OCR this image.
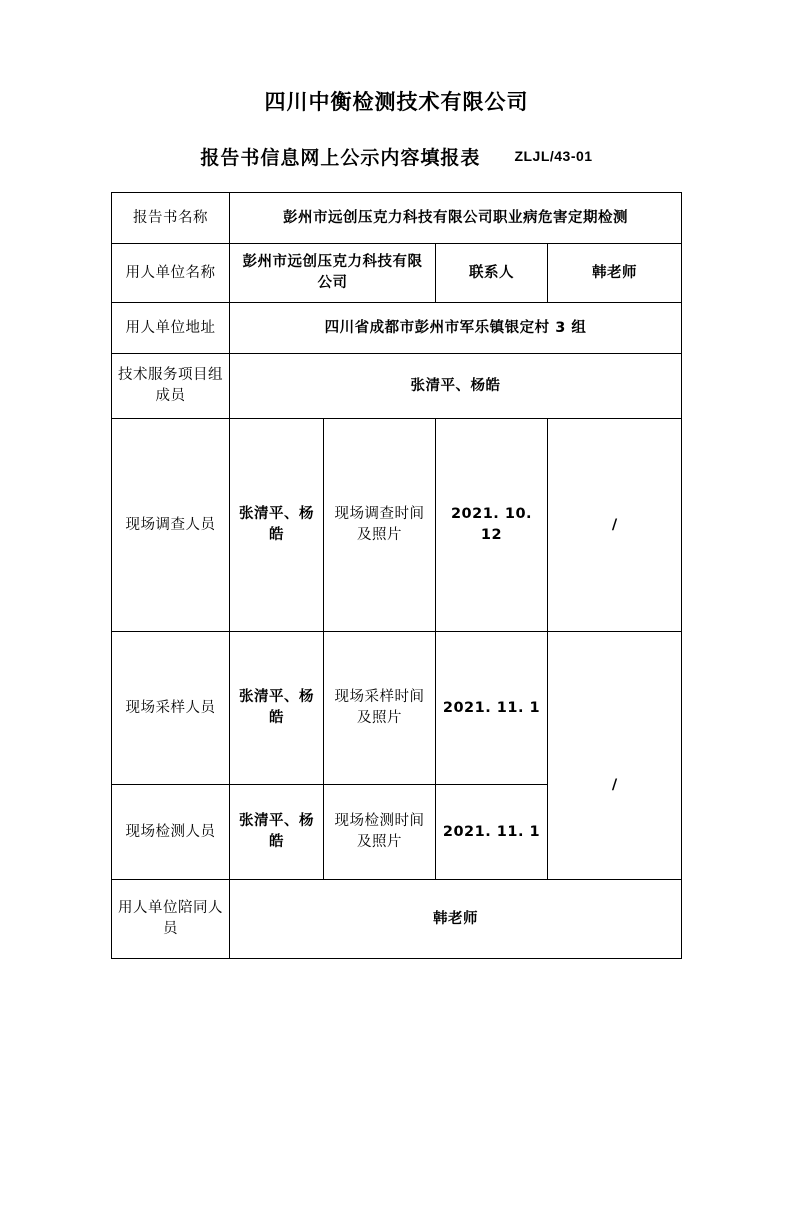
四川中衡检测技术有限公司
报告书信息网上公示内容填报表 ZLJL/43-01
报告书名称	彭州市远创压克力科技有限公司职业病危害定期检测			
用人单位名称	彭州市远创压克力科技有限公司		联系人	韩老师
用人单位地址	四川省成都市彭州市军乐镇银定村 3 组			
技术服务项目组成员	张清平、杨皓			
现场调查人员	张清平、杨皓	现场调查时间及照片	2021. 10. 12	/
现场采样人员	张清平、杨皓	现场采样时间及照片	2021. 11. 1	/

现场检测人员	张清平、杨皓	现场检测时间及照片	2021. 11. 1	
用人单位陪同人员	韩老师			
